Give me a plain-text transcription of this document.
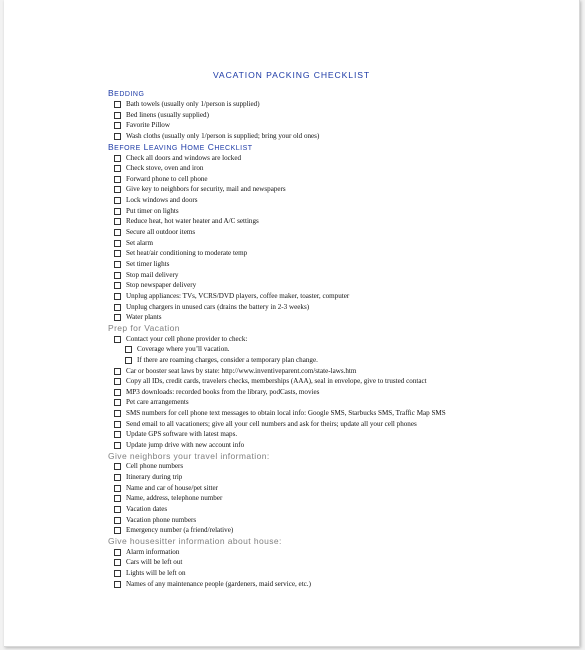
VACATION PACKING CHECKLIST
BEDDING
Bath towels (usually only 1/person is supplied)
Bed linens (usually supplied)
Favorite Pillow
Wash cloths (usually only 1/person is supplied; bring your old ones)
BEFORE LEAVING HOME CHECKLIST
Check all doors and windows are locked
Check stove, oven and iron
Forward phone to cell phone
Give key to neighbors for security, mail and newspapers
Lock windows and doors
Put timer on lights
Reduce heat, hot water heater and A/C settings
Secure all outdoor items
Set alarm
Set heat/air conditioning to moderate temp
Set timer lights
Stop mail delivery
Stop newspaper delivery
Unplug appliances: TVs, VCRS/DVD players, coffee maker, toaster, computer
Unplug chargers in unused cars (drains the battery in 2-3 weeks)
Water plants
Prep for Vacation
Contact your cell phone provider to check:
Coverage where you’ll vacation.
If there are roaming charges, consider a temporary plan change.
Car or booster seat laws by state: http://www.inventiveparent.com/state-laws.htm
Copy all IDs, credit cards, travelers checks, memberships (AAA), seal in envelope, give to trusted contact
MP3 downloads: recorded books from the library, podCasts, movies
Pet care arrangements
SMS numbers for cell phone text messages to obtain local info: Google SMS, Starbucks SMS, Traffic Map SMS
Send email to all vacationers; give all your cell numbers and ask for theirs; update all your cell phones
Update GPS software with latest maps.
Update jump drive with new account info
Give neighbors your travel information:
Cell phone numbers
Itinerary during trip
Name and car of house/pet sitter
Name, address, telephone number
Vacation dates
Vacation phone numbers
Emergency number (a friend/relative)
Give housesitter information about house:
Alarm information
Cars will be left out
Lights will be left on
Names of any maintenance people (gardeners, maid service, etc.)
